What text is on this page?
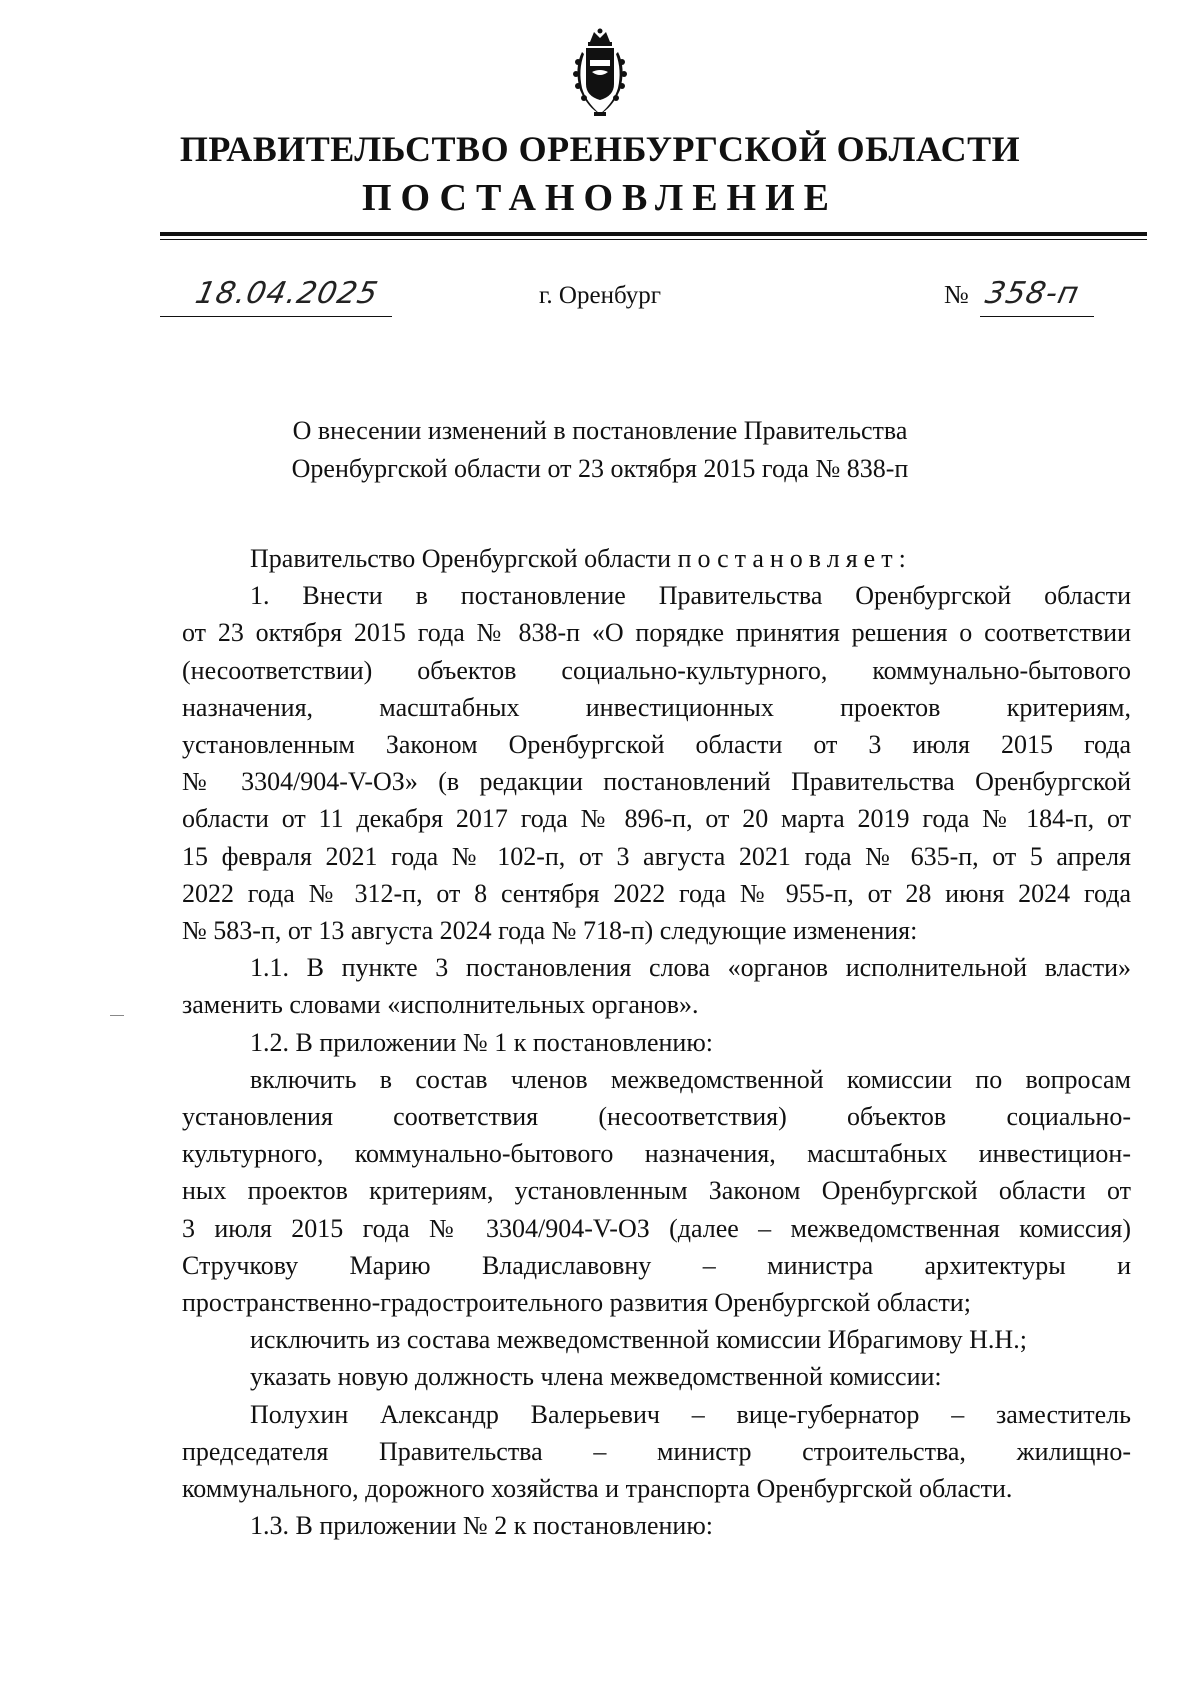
ПРАВИТЕЛЬСТВО ОРЕНБУРГСКОЙ ОБЛАСТИ
ПОСТАНОВЛЕНИЕ
18.04.2025	г. Оренбург	№ 358-п
О внесении изменений в постановление Правительства
Оренбургской области от 23 октября 2015 года № 838-п

Правительство Оренбургской области постановляет:

1. Внести в постановление Правительства Оренбургской области

от 23 октября 2015 года № 838-п «О порядке принятия решения о соответствии

(несоответствии) объектов социально-культурного, коммунально-бытового

назначения, масштабных инвестиционных проектов критериям,

установленным Законом Оренбургской области от 3 июля 2015 года

№ 3304/904-V-ОЗ» (в редакции постановлений Правительства Оренбургской

области от 11 декабря 2017 года № 896-п, от 20 марта 2019 года № 184-п, от

15 февраля 2021 года № 102-п, от 3 августа 2021 года № 635-п, от 5 апреля

2022 года № 312-п, от 8 сентября 2022 года № 955-п, от 28 июня 2024 года

№ 583-п, от 13 августа 2024 года № 718-п) следующие изменения:

1.1. В пункте 3 постановления слова «органов исполнительной власти»

заменить словами «исполнительных органов».

1.2. В приложении № 1 к постановлению:

включить в состав членов межведомственной комиссии по вопросам

установления соответствия (несоответствия) объектов социально-

культурного, коммунально-бытового назначения, масштабных инвестицион-

ных проектов критериям, установленным Законом Оренбургской области от

3 июля 2015 года № 3304/904-V-ОЗ (далее – межведомственная комиссия)

Стручкову Марию Владиславовну – министра архитектуры и

пространственно-градостроительного развития Оренбургской области;

исключить из состава межведомственной комиссии Ибрагимову Н.Н.;

указать новую должность члена межведомственной комиссии:

Полухин Александр Валерьевич – вице-губернатор – заместитель

председателя Правительства – министр строительства, жилищно-

коммунального, дорожного хозяйства и транспорта Оренбургской области.

1.3. В приложении № 2 к постановлению:
